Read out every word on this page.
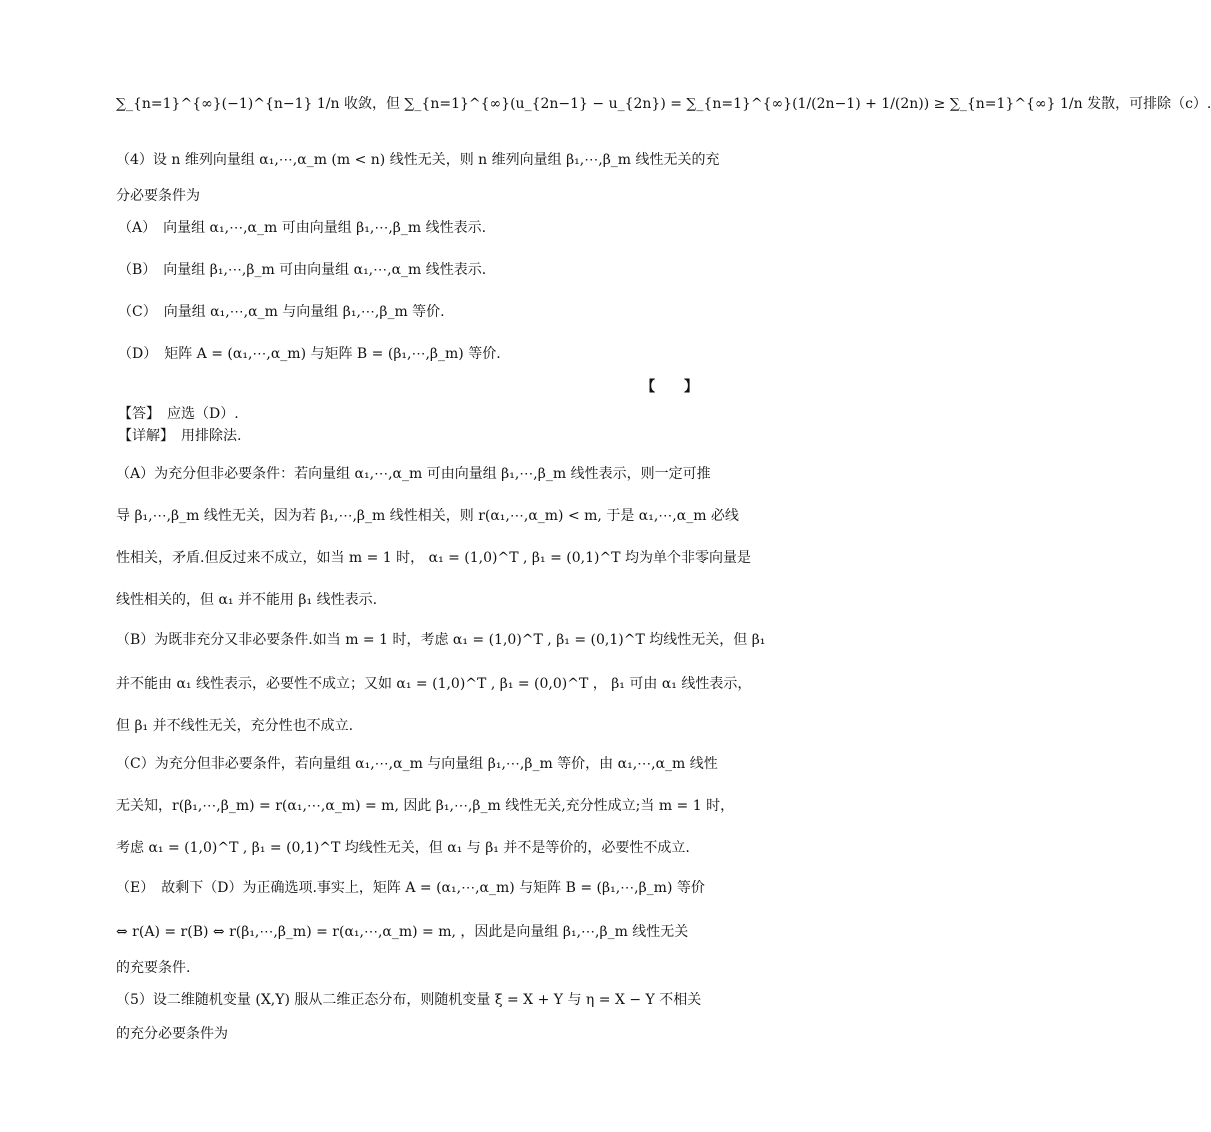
∑_{n=1}^{∞}(−1)^{n−1} 1/n 收敛，但 ∑_{n=1}^{∞}(u_{2n−1} − u_{2n}) = ∑_{n=1}^{∞}(1/(2n−1) + 1/(2n)) ≥ ∑_{n=1}^{∞} 1/n 发散，可排除（c）.
（4）设 n 维列向量组 α₁,⋯,α_m (m < n) 线性无关，则 n 维列向量组 β₁,⋯,β_m 线性无关的充
分必要条件为
（A）　向量组 α₁,⋯,α_m 可由向量组 β₁,⋯,β_m 线性表示.
（B）　向量组 β₁,⋯,β_m 可由向量组 α₁,⋯,α_m 线性表示.
（C）　向量组 α₁,⋯,α_m 与向量组 β₁,⋯,β_m 等价.
（D）　矩阵 A = (α₁,⋯,α_m) 与矩阵 B = (β₁,⋯,β_m) 等价.
【 】
【答】　应选（D）.
【详解】　用排除法.
（A）为充分但非必要条件：若向量组 α₁,⋯,α_m 可由向量组 β₁,⋯,β_m 线性表示，则一定可推
导 β₁,⋯,β_m 线性无关，因为若 β₁,⋯,β_m 线性相关，则 r(α₁,⋯,α_m) < m, 于是 α₁,⋯,α_m 必线
性相关，矛盾.但反过来不成立，如当 m = 1 时， α₁ = (1,0)^T , β₁ = (0,1)^T 均为单个非零向量是
线性相关的，但 α₁ 并不能用 β₁ 线性表示.
（B）为既非充分又非必要条件.如当 m = 1 时，考虑 α₁ = (1,0)^T , β₁ = (0,1)^T 均线性无关，但 β₁
并不能由 α₁ 线性表示，必要性不成立；又如 α₁ = (1,0)^T , β₁ = (0,0)^T ， β₁ 可由 α₁ 线性表示，
但 β₁ 并不线性无关，充分性也不成立.
（C）为充分但非必要条件，若向量组 α₁,⋯,α_m 与向量组 β₁,⋯,β_m 等价，由 α₁,⋯,α_m 线性
无关知，r(β₁,⋯,β_m) = r(α₁,⋯,α_m) = m, 因此 β₁,⋯,β_m 线性无关,充分性成立;当 m = 1 时，
考虑 α₁ = (1,0)^T , β₁ = (0,1)^T 均线性无关，但 α₁ 与 β₁ 并不是等价的，必要性不成立.
（E）　故剩下（D）为正确选项.事实上，矩阵 A = (α₁,⋯,α_m) 与矩阵 B = (β₁,⋯,β_m) 等价
⇔ r(A) = r(B) ⇔ r(β₁,⋯,β_m) = r(α₁,⋯,α_m) = m, ，因此是向量组 β₁,⋯,β_m 线性无关
的充要条件.
（5）设二维随机变量 (X,Y) 服从二维正态分布，则随机变量 ξ = X + Y 与 η = X − Y 不相关
的充分必要条件为
